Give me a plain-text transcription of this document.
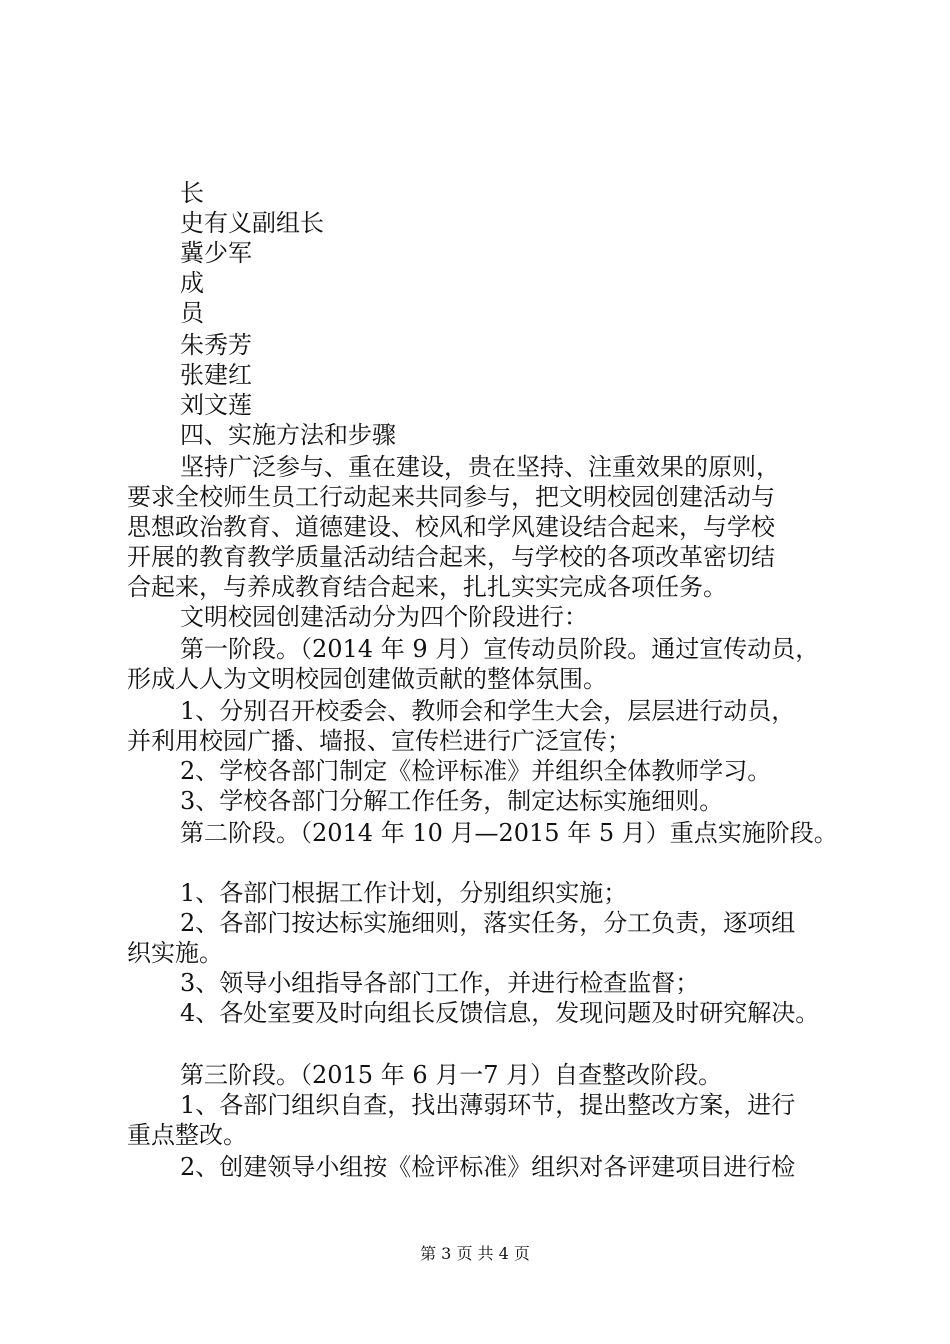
长
史有义副组长
冀少军
成
员
朱秀芳
张建红
刘文莲
四、实施方法和步骤
坚持广泛参与、重在建设，贵在坚持、注重效果的原则，
要求全校师生员工行动起来共同参与，把文明校园创建活动与
思想政治教育、道德建设、校风和学风建设结合起来，与学校
开展的教育教学质量活动结合起来，与学校的各项改革密切结
合起来，与养成教育结合起来，扎扎实实完成各项任务。
文明校园创建活动分为四个阶段进行：
第一阶段。（2014 年 9 月）宣传动员阶段。通过宣传动员，
形成人人为文明校园创建做贡献的整体氛围。
1、分别召开校委会、教师会和学生大会，层层进行动员，
并利用校园广播、墙报、宣传栏进行广泛宣传；
2、学校各部门制定《检评标准》并组织全体教师学习。
3、学校各部门分解工作任务，制定达标实施细则。
第二阶段。（2014 年 10 月—2015 年 5 月）重点实施阶段。
1、各部门根据工作计划，分别组织实施；
2、各部门按达标实施细则，落实任务，分工负责，逐项组
织实施。
3、领导小组指导各部门工作，并进行检查监督；
4、各处室要及时向组长反馈信息，发现问题及时研究解决。
第三阶段。（2015 年 6 月一7 月）自查整改阶段。
1、各部门组织自查，找出薄弱环节，提出整改方案，进行
重点整改。
2、创建领导小组按《检评标准》组织对各评建项目进行检
第 3 页 共 4 页
